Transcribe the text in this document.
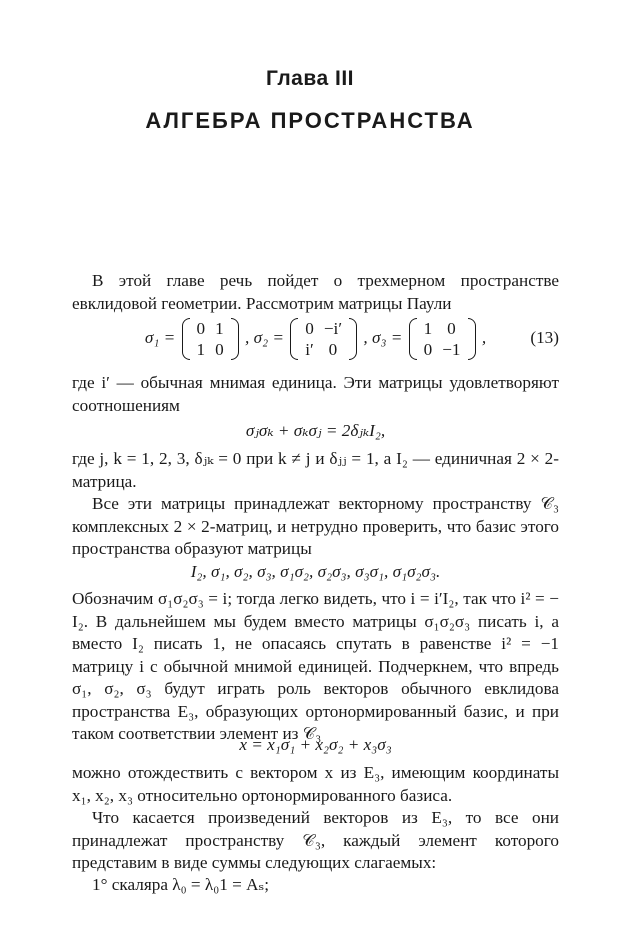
Глава III
АЛГЕБРА ПРОСТРАНСТВА

В этой главе речь пойдет о трехмерном пространстве евклидовой геометрии. Рассмотрим матрицы Паули

σ₁ = 0	1
1	0
, σ₂ = 0	−i′
i′	0
, σ₃ = 1	0
0	−1
,	(13)

где i′ — обычная мнимая единица. Эти матрицы удовлетворяют соотношениям

σⱼσₖ + σₖσⱼ = 2δⱼₖI₂,

где j, k = 1, 2, 3, δⱼₖ = 0 при k ≠ j и δⱼⱼ = 1, а I₂ — единичная 2 × 2-матрица.

Все эти матрицы принадлежат векторному пространству 𝒞₃ комплексных 2 × 2-матриц, и нетрудно проверить, что базис этого пространства образуют матрицы

I₂, σ₁, σ₂, σ₃, σ₁σ₂, σ₂σ₃, σ₃σ₁, σ₁σ₂σ₃.

Обозначим σ₁σ₂σ₃ = i; тогда легко видеть, что i = i′I₂, так что i² = − I₂. В дальнейшем мы будем вместо матрицы σ₁σ₂σ₃ писать i, а вместо I₂ писать 1, не опасаясь спутать в равенстве i² = −1 матрицу i с обычной мнимой единицей. Подчеркнем, что впредь σ₁, σ₂, σ₃ будут играть роль векторов обычного евклидова пространства E₃, образующих ортонормированный базис, и при таком соответствии элемент из 𝒞₃

x = x₁σ₁ + x₂σ₂ + x₃σ₃

можно отождествить с вектором x из E₃, имеющим координаты x₁, x₂, x₃ относительно ортонормированного базиса.

Что касается произведений векторов из E₃, то все они принадлежат пространству 𝒞₃, каждый элемент которого представим в виде суммы следующих слагаемых:

1° скаляра λ₀ = λ₀1 = Aₛ;
